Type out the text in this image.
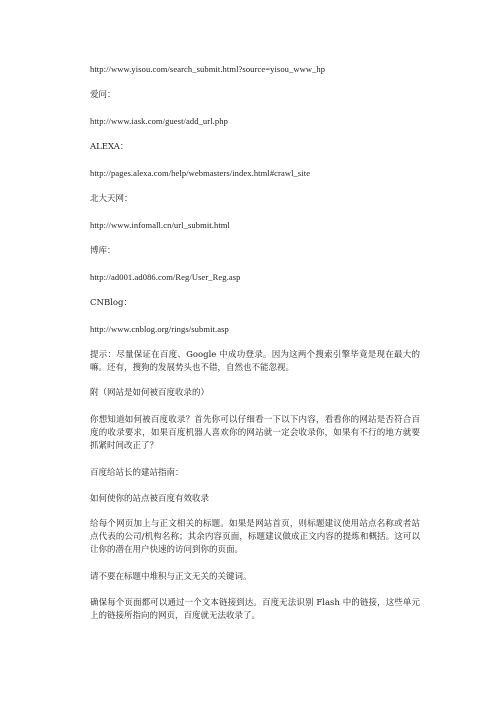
http://www.yisou.com/search_submit.html?source=yisou_www_hp

爱问：

http://www.iask.com/guest/add_url.php

ALEXA：

http://pages.alexa.com/help/webmasters/index.html#crawl_site

北大天网：

http://www.infomall.cn/url_submit.html

博库：

http://ad001.ad086.com/Reg/User_Reg.asp

CNBlog：

http://www.cnblog.org/rings/submit.asp

提示：尽量保证在百度、Google 中成功登录。因为这两个搜索引擎毕竟是现在最大的嘛。还有，搜狗的发展势头也不错，自然也不能忽视。

附（网站是如何被百度收录的）

你想知道如何被百度收录？首先你可以仔细看一下以下内容，看看你的网站是否符合百度的收录要求，如果百度机器人喜欢你的网站就一定会收录你，如果有不行的地方就要抓紧时间改正了？

百度给站长的建站指南：

如何使你的站点被百度有效收录

给每个网页加上与正文相关的标题。如果是网站首页，则标题建议使用站点名称或者站点代表的公司/机构名称；其余内容页面，标题建议做成正文内容的提炼和概括。这可以让你的潜在用户快速的访问到你的页面。

请不要在标题中堆积与正文无关的关键词。

确保每个页面都可以通过一个文本链接到达。百度无法识别 Flash 中的链接，这些单元上的链接所指向的网页，百度就无法收录了。
